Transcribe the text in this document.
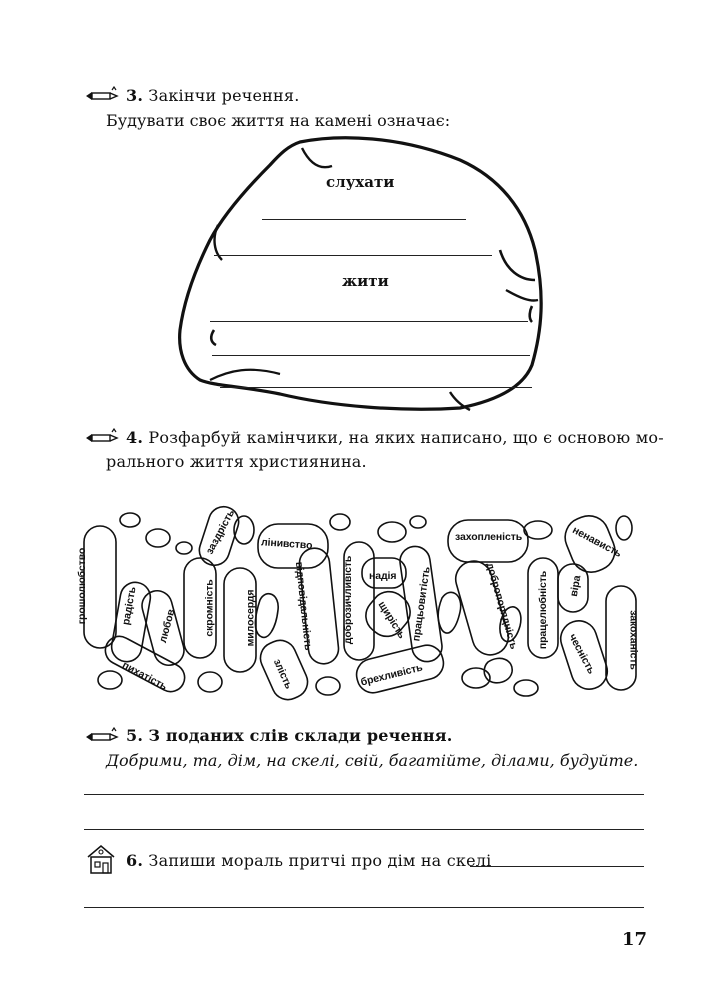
3. Закінчи речення.
Будувати своє життя на камені означає:
слухати
жити
4. Розфарбуй камінчики, на яких написано, що є основою мо-
рального життя християнина.
грошолюбство	радість любов
пихатість
заздрість
скромність	милосердя
лінивство
відповідальність
злість
доброзичливість надія
щирість
брехливість
працьовитість
захопленість
добропорядність працелюбність віра
ненависть
чесність	закоханість
5. З поданих слів склади речення.
Добрими, та, дім, на скелі, свій, багатійте, ділами, будуйте.
6. Запиши мораль притчі про дім на скелі
17
